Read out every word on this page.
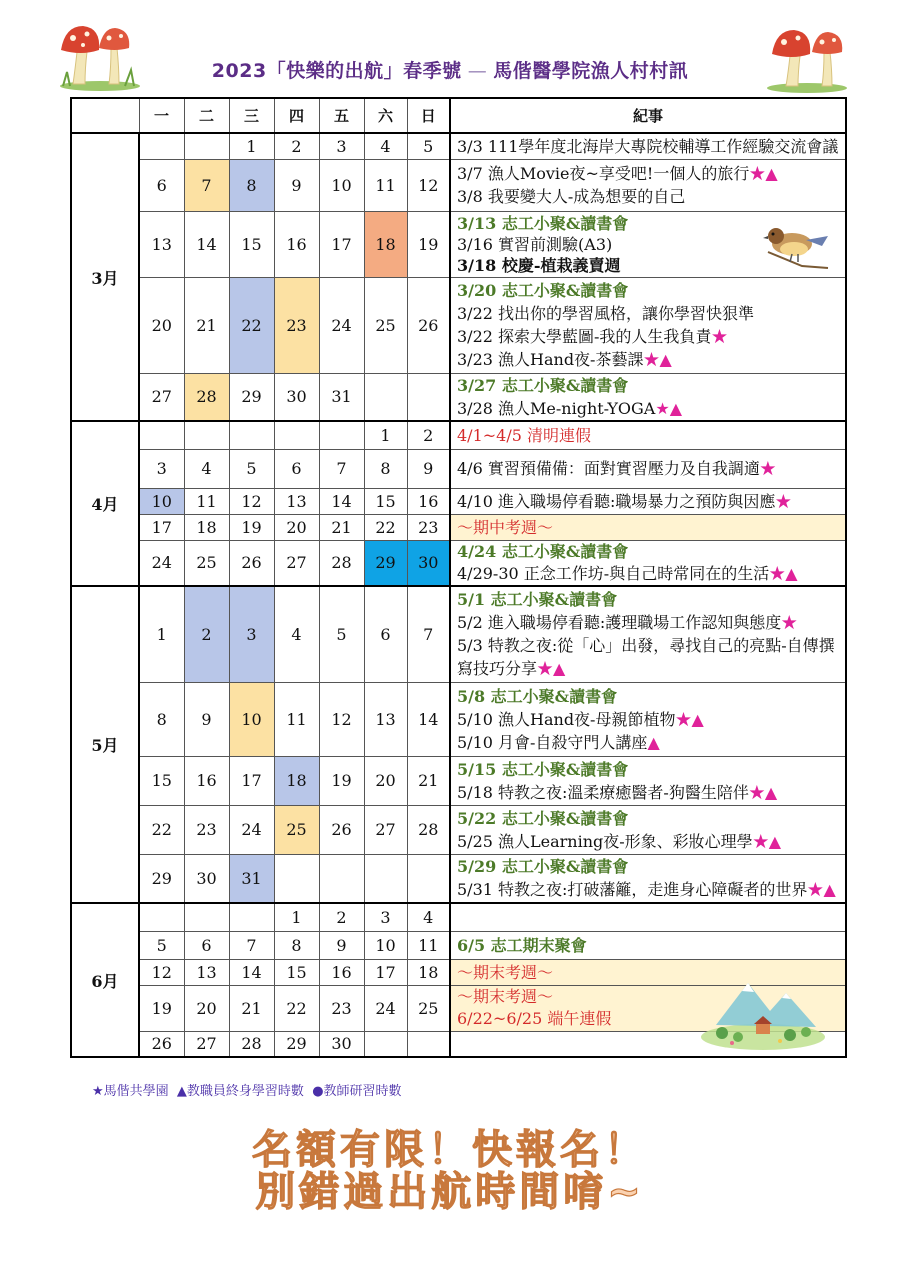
2023「快樂的出航」春季號 — 馬偕醫學院漁人村村訊
	一	二	三	四	五	六	日	紀事
3月			1	2	3	4	5	3/3 111學年度北海岸大專院校輔導工作經驗交流會議

	6	7	8	9	10	11	12	3/7 漁人Movie夜~享受吧!一個人的旅行★▲
3/8 我要變大人-成為想要的自己

	13	14	15	16	17	18	19	3/13 志工小聚&讀書會
3/16 實習前測驗(A3)
3/18 校慶-植栽義賣週

	20	21	22	23	24	25	26	3/20 志工小聚&讀書會
3/22 找出你的學習風格，讓你學習快狠準
3/22 探索大學藍圖-我的人生我負責★
3/23 漁人Hand夜-茶藝課★▲

	27	28	29	30	31			3/27 志工小聚&讀書會
3/28 漁人Me-night-YOGA★▲

4月						1	2	4/1~4/5 清明連假

	3	4	5	6	7	8	9	4/6 實習預備備：面對實習壓力及自我調適★

	10	11	12	13	14	15	16	4/10 進入職場停看聽:職場暴力之預防與因應★

	17	18	19	20	21	22	23	～期中考週～

	24	25	26	27	28	29	30	4/24 志工小聚&讀書會
4/29-30 正念工作坊-與自己時常同在的生活★▲

5月	1	2	3	4	5	6	7	5/1 志工小聚&讀書會
5/2 進入職場停看聽:護理職場工作認知與態度★
5/3 特教之夜:從「心」出發，尋找自己的亮點-自傳撰寫技巧分享★▲

	8	9	10	11	12	13	14	5/8 志工小聚&讀書會
5/10 漁人Hand夜-母親節植物★▲
5/10 月會-自殺守門人講座▲

	15	16	17	18	19	20	21	5/15 志工小聚&讀書會
5/18 特教之夜:溫柔療癒醫者-狗醫生陪伴★▲

	22	23	24	25	26	27	28	5/22 志工小聚&讀書會
5/25 漁人Learning夜-形象、彩妝心理學★▲

	29	30	31					5/29 志工小聚&讀書會
5/31 特教之夜:打破藩籬，走進身心障礙者的世界★▲

6月				1	2	3	4	

	5	6	7	8	9	10	11	6/5 志工期末聚會

	12	13	14	15	16	17	18	～期末考週～

	19	20	21	22	23	24	25	～期末考週～
6/22~6/25 端午連假

	26	27	28	29	30			
★馬偕共學園 ▲教職員終身學習時數 ●教師研習時數
名額有限！快報名！
別錯過出航時間唷~
